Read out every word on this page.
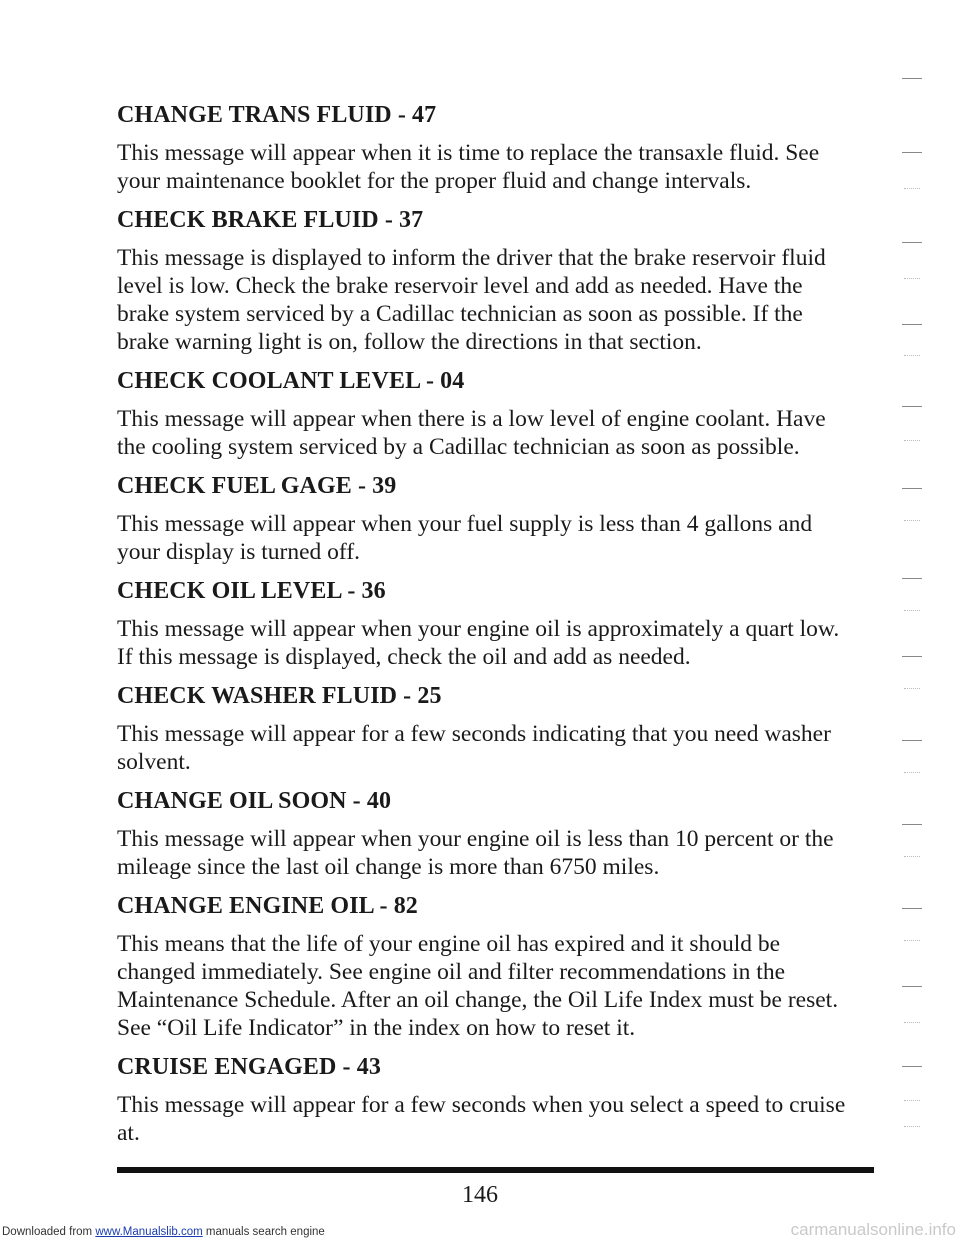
CHANGE TRANS FLUID - 47

This message will appear when it is time to replace the transaxle fluid. See your maintenance booklet for the proper fluid and change intervals.

CHECK BRAKE FLUID - 37

This message is displayed to inform the driver that the brake reservoir fluid level is low. Check the brake reservoir level and add as needed. Have the brake system serviced by a Cadillac technician as soon as possible. If the brake warning light is on, follow the directions in that section.

CHECK COOLANT LEVEL - 04

This message will appear when there is a low level of engine coolant. Have the cooling system serviced by a Cadillac technician as soon as possible.

CHECK FUEL GAGE - 39

This message will appear when your fuel supply is less than 4 gallons and your display is turned off.

CHECK OIL LEVEL - 36

This message will appear when your engine oil is approximately a quart low. If this message is displayed, check the oil and add as needed.

CHECK WASHER FLUID - 25

This message will appear for a few seconds indicating that you need washer solvent.

CHANGE OIL SOON - 40

This message will appear when your engine oil is less than 10 percent or the mileage since the last oil change is more than 6750 miles.

CHANGE ENGINE OIL - 82

This means that the life of your engine oil has expired and it should be changed immediately. See engine oil and filter recommendations in the Maintenance Schedule. After an oil change, the Oil Life Index must be reset. See “Oil Life Indicator” in the index on how to reset it.

CRUISE ENGAGED - 43

This message will appear for a few seconds when you select a speed to cruise at.

146
Downloaded from www.Manualslib.com manuals search engine	carmanualsonline.info
